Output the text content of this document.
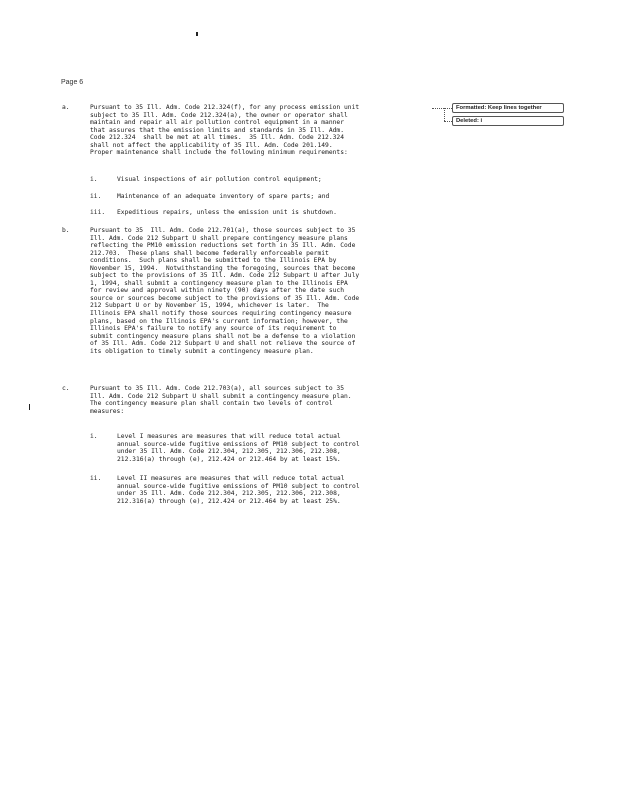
Page 6
a.	Pursuant to 35 Ill. Adm. Code 212.324(f), for any process emission unit
subject to 35 Ill. Adm. Code 212.324(a), the owner or operator shall
maintain and repair all air pollution control equipment in a manner
that assures that the emission limits and standards in 35 Ill. Adm.
Code 212.324  shall be met at all times.  35 Ill. Adm. Code 212.324
shall not affect the applicability of 35 Ill. Adm. Code 201.149.
Proper maintenance shall include the following minimum requirements:
i.	Visual inspections of air pollution control equipment;
ii. Maintenance of an adequate inventory of spare parts; and
iii. Expeditious repairs, unless the emission unit is shutdown.
b.	Pursuant to 35  Ill. Adm. Code 212.701(a), those sources subject to 35
Ill. Adm. Code 212 Subpart U shall prepare contingency measure plans
reflecting the PM10 emission reductions set forth in 35 Ill. Adm. Code
212.703.  These plans shall become federally enforceable permit
conditions.  Such plans shall be submitted to the Illinois EPA by
November 15, 1994.  Notwithstanding the foregoing, sources that become
subject to the provisions of 35 Ill. Adm. Code 212 Subpart U after July
1, 1994, shall submit a contingency measure plan to the Illinois EPA
for review and approval within ninety (90) days after the date such
source or sources become subject to the provisions of 35 Ill. Adm. Code
212 Subpart U or by November 15, 1994, whichever is later.  The
Illinois EPA shall notify those sources requiring contingency measure
plans, based on the Illinois EPA's current information; however, the
Illinois EPA's failure to notify any source of its requirement to
submit contingency measure plans shall not be a defense to a violation
of 35 Ill. Adm. Code 212 Subpart U and shall not relieve the source of
its obligation to timely submit a contingency measure plan.
c.	Pursuant to 35 Ill. Adm. Code 212.703(a), all sources subject to 35
Ill. Adm. Code 212 Subpart U shall submit a contingency measure plan.
The contingency measure plan shall contain two levels of control
measures:
i.	Level I measures are measures that will reduce total actual
annual source-wide fugitive emissions of PM10 subject to control
under 35 Ill. Adm. Code 212.304, 212.305, 212.306, 212.308,
212.316(a) through (e), 212.424 or 212.464 by at least 15%.
ii. Level II measures are measures that will reduce total actual
annual source-wide fugitive emissions of PM10 subject to control
under 35 Ill. Adm. Code 212.304, 212.305, 212.306, 212.308,
212.316(a) through (e), 212.424 or 212.464 by at least 25%.
Formatted: Keep lines together
Deleted: i
